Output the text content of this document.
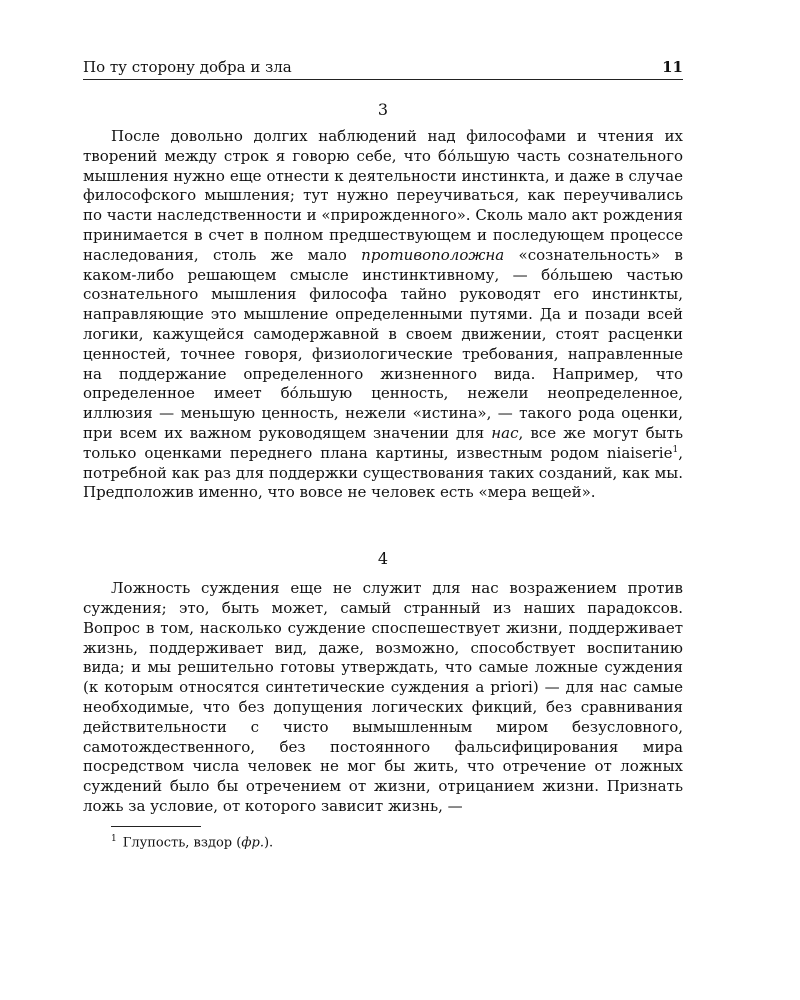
По ту сторону добра и зла	11
3

После довольно долгих наблюдений над философами и чтения их творений между строк я говорю себе, что бо́льшую часть сознательного мышления нужно еще отнести к деятельности инстинкта, и даже в случае философского мышления; тут нужно переучиваться, как переучивались по части наследственности и «прирожденного». Сколь мало акт рождения принимается в счет в полном предшествующем и последующем процессе наследования, столь же мало противоположна «сознательность» в каком-либо решающем смысле инстинктивному, — бо́льшею частью сознательного мышления философа тайно руководят его инстинкты, направляющие это мышление определенными путями. Да и позади всей логики, кажущейся самодержавной в своем движении, стоят расценки ценностей, точнее говоря, физиологические требования, направленные на поддержание определенного жизненного вида. Например, что определенное имеет бо́льшую ценность, нежели неопределенное, иллюзия — меньшую ценность, нежели «истина», — такого рода оценки, при всем их важном руководящем значении для нас, все же могут быть только оценками переднего плана картины, известным родом niaiserie$^1$, потребной как раз для поддержки существования таких созданий, как мы. Предположив именно, что вовсе не человек есть «мера вещей».

4

Ложность суждения еще не служит для нас возражением против суждения; это, быть может, самый странный из наших парадоксов. Вопрос в том, насколько суждение споспешествует жизни, поддерживает жизнь, поддерживает вид, даже, возможно, способствует воспитанию вида; и мы решительно готовы утверждать, что самые ложные суждения (к которым относятся синтетические суждения a priori) — для нас самые необходимые, что без допущения логических фикций, без сравнивания действительности с чисто вымышленным миром безусловного, самотождественного, без постоянного фальсифицирования мира посредством числа человек не мог бы жить, что отречение от ложных суждений было бы отречением от жизни, отрицанием жизни. Признать ложь за условие, от которого зависит жизнь, —

$^1$ Глупость, вздор (фр.).
